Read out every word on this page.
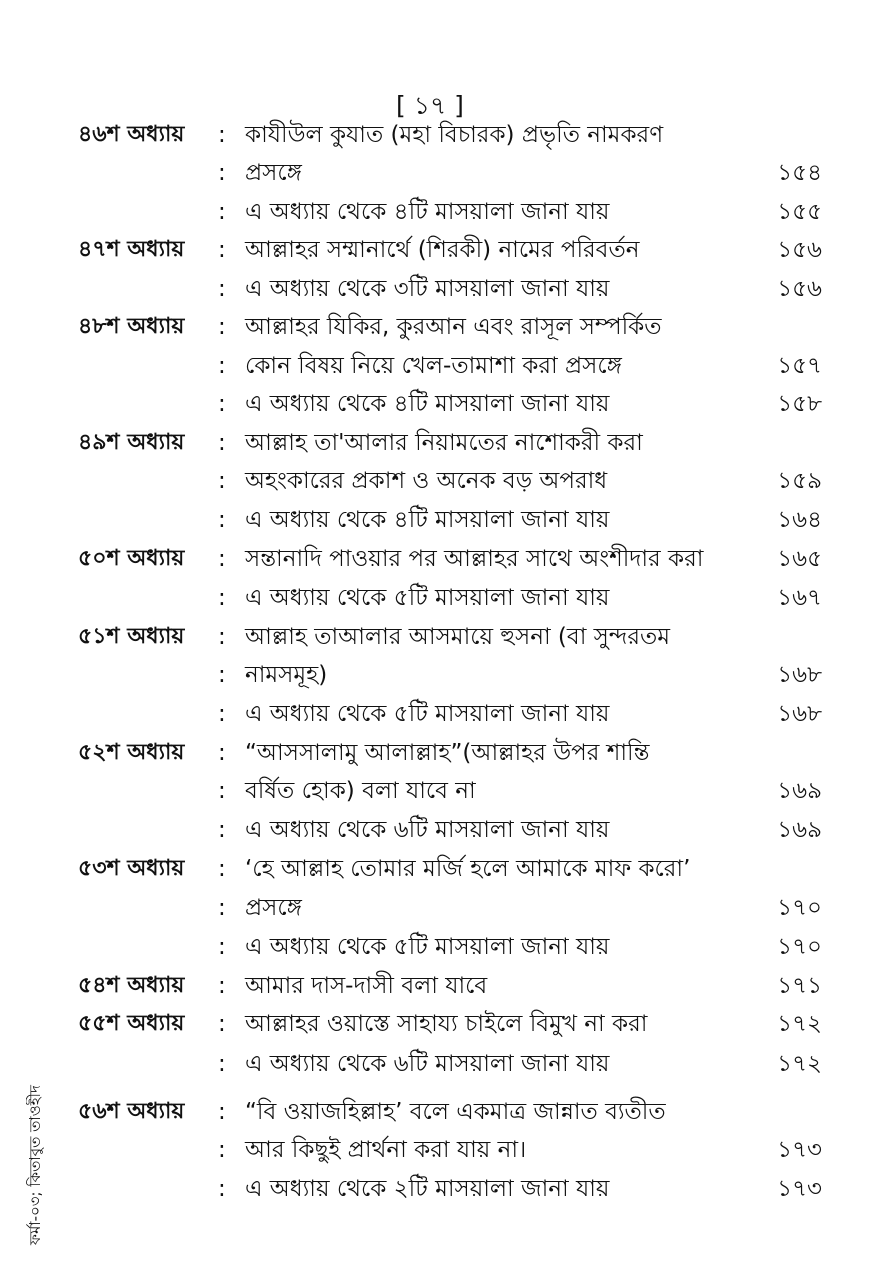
[ ১৭ ]
৪৬শ অধ্যায় : কাযীউল কুযাত (মহা বিচারক) প্রভৃতি নামকরণ
: প্রসঙ্গে	১৫৪
: এ অধ্যায় থেকে ৪টি মাসয়ালা জানা যায়	১৫৫
৪৭শ অধ্যায় : আল্লাহর সম্মানার্থে (শিরকী) নামের পরিবর্তন	১৫৬
: এ অধ্যায় থেকে ৩টি মাসয়ালা জানা যায়	১৫৬
৪৮শ অধ্যায় : আল্লাহর যিকির, কুরআন এবং রাসূল সম্পর্কিত
: কোন বিষয় নিয়ে খেল-তামাশা করা প্রসঙ্গে	১৫৭
: এ অধ্যায় থেকে ৪টি মাসয়ালা জানা যায়	১৫৮
৪৯শ অধ্যায় : আল্লাহ তা'আলার নিয়ামতের নাশোকরী করা
: অহংকারের প্রকাশ ও অনেক বড় অপরাধ	১৫৯
: এ অধ্যায় থেকে ৪টি মাসয়ালা জানা যায়	১৬৪
৫০শ অধ্যায় : সন্তানাদি পাওয়ার পর আল্লাহর সাথে অংশীদার করা	১৬৫
: এ অধ্যায় থেকে ৫টি মাসয়ালা জানা যায়	১৬৭
৫১শ অধ্যায় : আল্লাহ তাআলার আসমায়ে হুসনা (বা সুন্দরতম
: নামসমূহ)	১৬৮
: এ অধ্যায় থেকে ৫টি মাসয়ালা জানা যায়	১৬৮
৫২শ অধ্যায় : “আসসালামু আলাল্লাহ”(আল্লাহর উপর শান্তি
: বর্ষিত হোক) বলা যাবে না	১৬৯
: এ অধ্যায় থেকে ৬টি মাসয়ালা জানা যায়	১৬৯
৫৩শ অধ্যায় : ‘হে আল্লাহ তোমার মর্জি হলে আমাকে মাফ করো’
: প্রসঙ্গে	১৭০
: এ অধ্যায় থেকে ৫টি মাসয়ালা জানা যায়	১৭০
৫৪শ অধ্যায় : আমার দাস-দাসী বলা যাবে	১৭১
৫৫শ অধ্যায় : আল্লাহর ওয়াস্তে সাহায্য চাইলে বিমুখ না করা	১৭২
: এ অধ্যায় থেকে ৬টি মাসয়ালা জানা যায়	১৭২
৫৬শ অধ্যায় : “বি ওয়াজহিল্লাহ’ বলে একমাত্র জান্নাত ব্যতীত
: আর কিছুই প্রার্থনা করা যায় না।	১৭৩
: এ অধ্যায় থেকে ২টি মাসয়ালা জানা যায়	১৭৩
ফর্মা-০৩; কিতাবুত তাওহীদ
